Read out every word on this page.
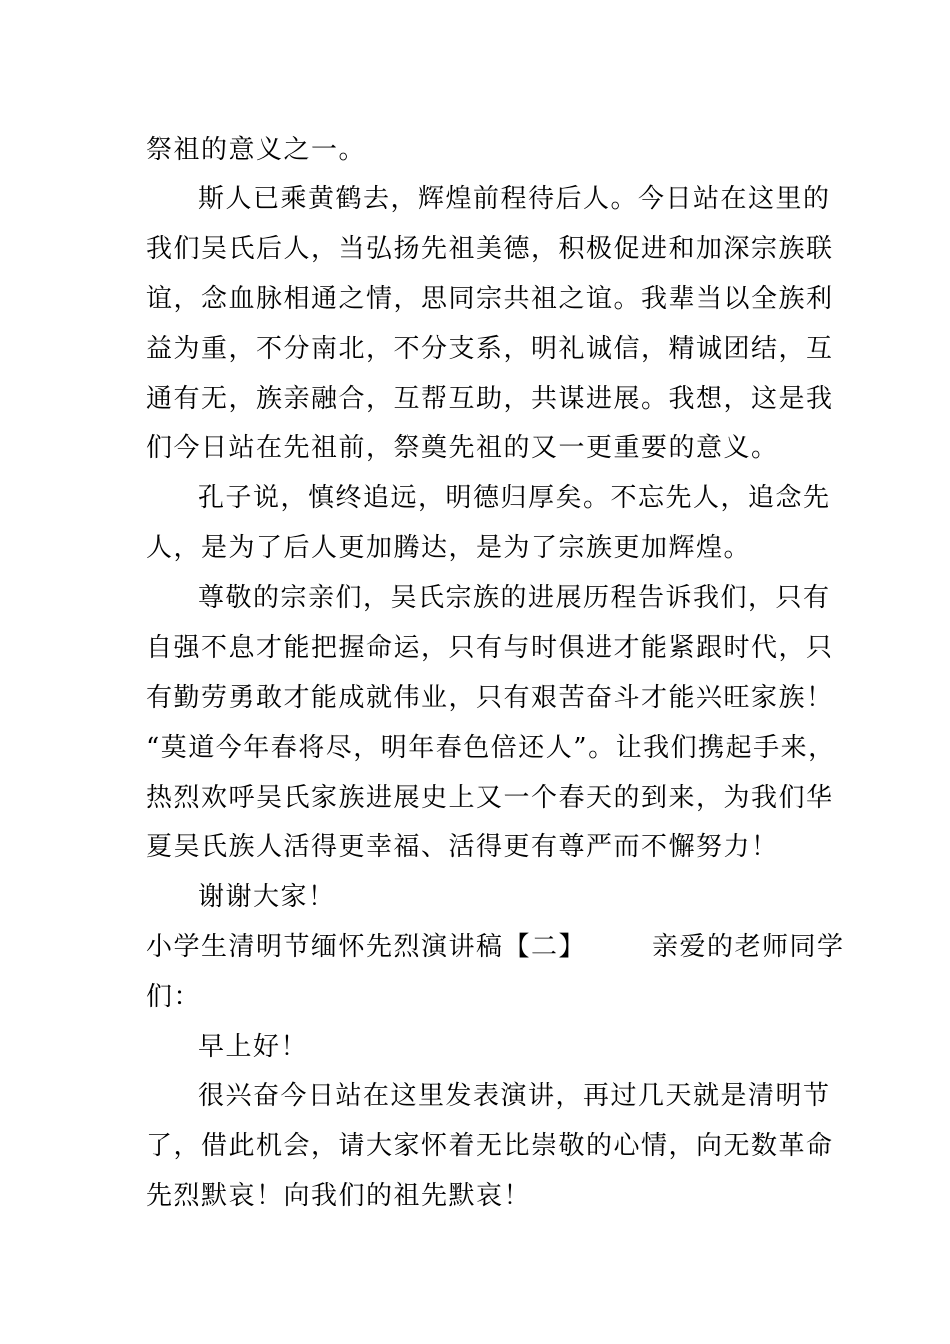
祭祖的意义之一。
斯人已乘黄鹤去，辉煌前程待后人。今日站在这里的
我们吴氏后人，当弘扬先祖美德，积极促进和加深宗族联
谊，念血脉相通之情，思同宗共祖之谊。我辈当以全族利
益为重，不分南北，不分支系，明礼诚信，精诚团结，互
通有无，族亲融合，互帮互助，共谋进展。我想，这是我
们今日站在先祖前，祭奠先祖的又一更重要的意义。
孔子说，慎终追远，明德归厚矣。不忘先人，追念先
人，是为了后人更加腾达，是为了宗族更加辉煌。
尊敬的宗亲们，吴氏宗族的进展历程告诉我们，只有
自强不息才能把握命运，只有与时俱进才能紧跟时代，只
有勤劳勇敢才能成就伟业，只有艰苦奋斗才能兴旺家族！
“莫道今年春将尽，明年春色倍还人”。让我们携起手来，
热烈欢呼吴氏家族进展史上又一个春天的到来，为我们华
夏吴氏族人活得更幸福、活得更有尊严而不懈努力！
谢谢大家！
小学生清明节缅怀先烈演讲稿【二】	亲爱的老师同学
们：
早上好！
很兴奋今日站在这里发表演讲，再过几天就是清明节
了，借此机会，请大家怀着无比崇敬的心情，向无数革命
先烈默哀！向我们的祖先默哀！
